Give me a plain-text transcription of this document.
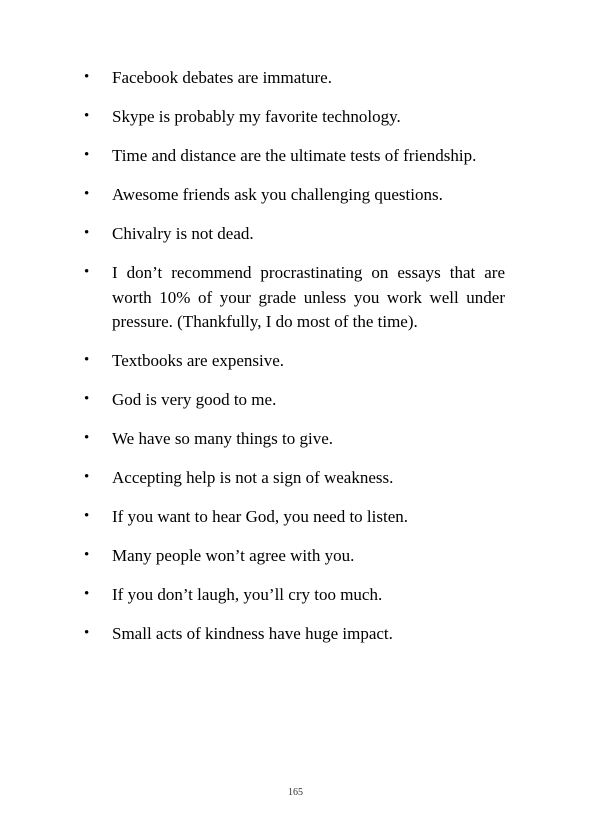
• Facebook debates are immature.
• Skype is probably my favorite technology.
• Time and distance are the ultimate tests of friendship.
• Awesome friends ask you challenging questions.
• Chivalry is not dead.
• I don’t recommend procrastinating on essays that are worth 10% of your grade unless you work well under pressure. (Thankfully, I do most of the time).
• Textbooks are expensive.
• God is very good to me.
• We have so many things to give.
• Accepting help is not a sign of weakness.
• If you want to hear God, you need to listen.
• Many people won’t agree with you.
• If you don’t laugh, you’ll cry too much.
• Small acts of kindness have huge impact.
165
